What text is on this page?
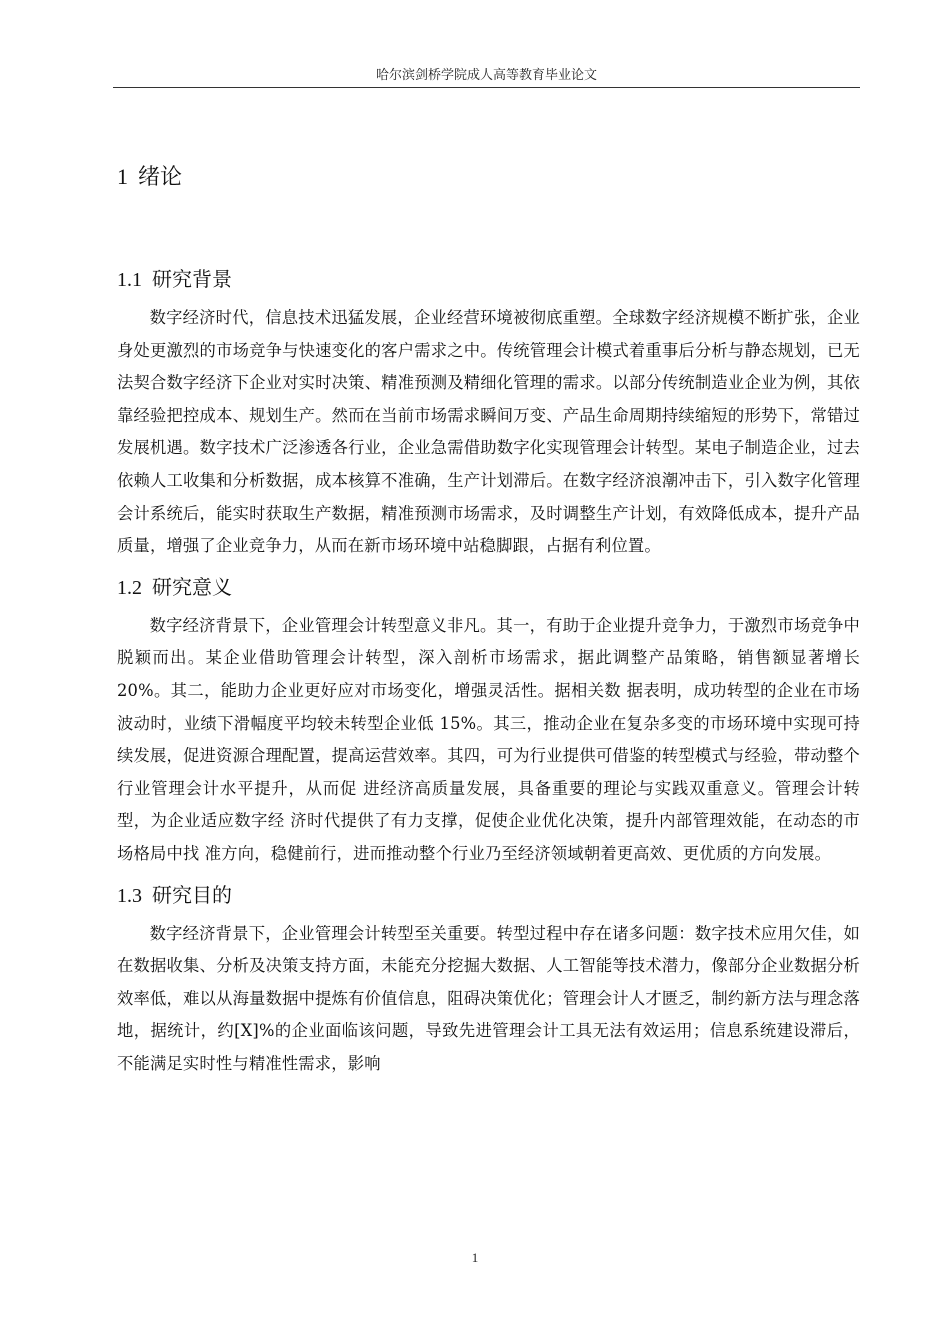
哈尔滨剑桥学院成人高等教育毕业论文
1 绪论
1.1 研究背景

数字经济时代，信息技术迅猛发展，企业经营环境被彻底重塑。全球数字经济规模不断扩张，企业身处更激烈的市场竞争与快速变化的客户需求之中。传统管理会计模式着重事后分析与静态规划，已无法契合数字经济下企业对实时决策、精准预测及精细化管理的需求。以部分传统制造业企业为例，其依靠经验把控成本、规划生产。然而在当前市场需求瞬间万变、产品生命周期持续缩短的形势下，常错过发展机遇。数字技术广泛渗透各行业，企业急需借助数字化实现管理会计转型。某电子制造企业，过去依赖人工收集和分析数据，成本核算不准确，生产计划滞后。在数字经济浪潮冲击下，引入数字化管理会计系统后，能实时获取生产数据，精准预测市场需求，及时调整生产计划，有效降低成本，提升产品质量，增强了企业竞争力，从而在新市场环境中站稳脚跟，占据有利位置。

1.2 研究意义

数字经济背景下，企业管理会计转型意义非凡。其一，有助于企业提升竞争力，于激烈市场竞争中脱颖而出。某企业借助管理会计转型，深入剖析市场需求，据此调整产品策略，销售额显著增长 20%。其二，能助力企业更好应对市场变化，增强灵活性。据相关数 据表明，成功转型的企业在市场波动时，业绩下滑幅度平均较未转型企业低 15%。其三，推动企业在复杂多变的市场环境中实现可持续发展，促进资源合理配置，提高运营效率。其四，可为行业提供可借鉴的转型模式与经验，带动整个行业管理会计水平提升，从而促 进经济高质量发展，具备重要的理论与实践双重意义。管理会计转型，为企业适应数字经 济时代提供了有力支撑，促使企业优化决策，提升内部管理效能，在动态的市场格局中找 准方向，稳健前行，进而推动整个行业乃至经济领域朝着更高效、更优质的方向发展。

1.3 研究目的

数字经济背景下，企业管理会计转型至关重要。转型过程中存在诸多问题：数字技术应用欠佳，如在数据收集、分析及决策支持方面，未能充分挖掘大数据、人工智能等技术潜力，像部分企业数据分析效率低，难以从海量数据中提炼有价值信息，阻碍决策优化；管理会计人才匮乏，制约新方法与理念落地，据统计，约[X]%的企业面临该问题，导致先进管理会计工具无法有效运用；信息系统建设滞后，不能满足实时性与精准性需求，影响

1
